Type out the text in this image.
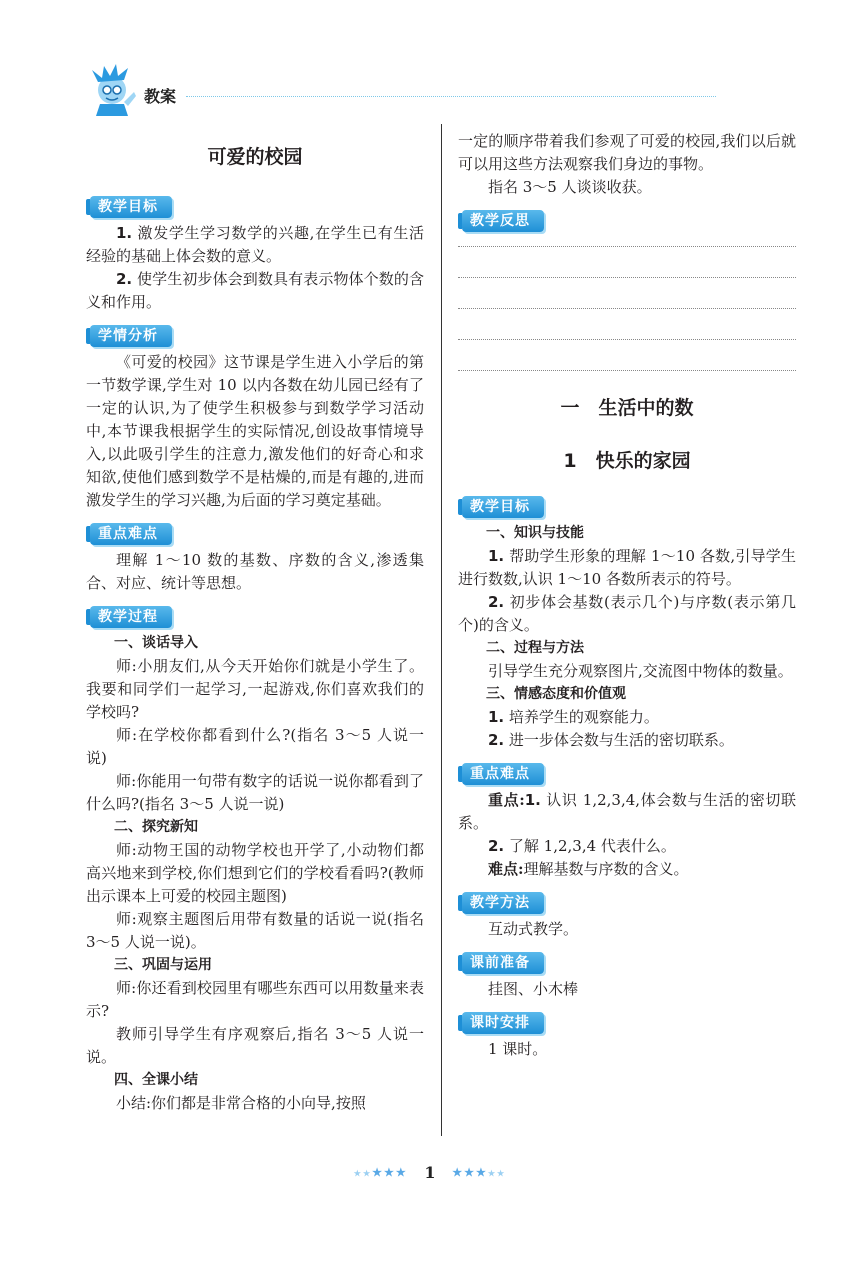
教案
可爱的校园
教学目标

1. 激发学生学习数学的兴趣,在学生已有生活经验的基础上体会数的意义。

2. 使学生初步体会到数具有表示物体个数的含义和作用。

学情分析

《可爱的校园》这节课是学生进入小学后的第一节数学课,学生对 10 以内各数在幼儿园已经有了一定的认识,为了使学生积极参与到数学学习活动中,本节课我根据学生的实际情况,创设故事情境导入,以此吸引学生的注意力,激发他们的好奇心和求知欲,使他们感到数学不是枯燥的,而是有趣的,进而激发学生的学习兴趣,为后面的学习奠定基础。

重点难点

理解 1～10 数的基数、序数的含义,渗透集合、对应、统计等思想。

教学过程

一、谈话导入

师:小朋友们,从今天开始你们就是小学生了。我要和同学们一起学习,一起游戏,你们喜欢我们的学校吗?

师:在学校你都看到什么?(指名 3～5 人说一说)

师:你能用一句带有数字的话说一说你都看到了什么吗?(指名 3～5 人说一说)

二、探究新知

师:动物王国的动物学校也开学了,小动物们都高兴地来到学校,你们想到它们的学校看看吗?(教师出示课本上可爱的校园主题图)

师:观察主题图后用带有数量的话说一说(指名 3～5 人说一说)。

三、巩固与运用

师:你还看到校园里有哪些东西可以用数量来表示?

教师引导学生有序观察后,指名 3～5 人说一说。

四、全课小结

小结:你们都是非常合格的小向导,按照

一定的顺序带着我们参观了可爱的校园,我们以后就可以用这些方法观察我们身边的事物。

指名 3～5 人谈谈收获。

教学反思
一　生活中的数
1　快乐的家园
教学目标

一、知识与技能

1. 帮助学生形象的理解 1～10 各数,引导学生进行数数,认识 1～10 各数所表示的符号。

2. 初步体会基数(表示几个)与序数(表示第几个)的含义。

二、过程与方法

引导学生充分观察图片,交流图中物体的数量。

三、情感态度和价值观

1. 培养学生的观察能力。

2. 进一步体会数与生活的密切联系。

重点难点

重点:1. 认识 1,2,3,4,体会数与生活的密切联系。

2. 了解 1,2,3,4 代表什么。

难点:理解基数与序数的含义。

教学方法

互动式教学。

课前准备

挂图、小木棒

课时安排

1 课时。

★★★★★ 1 ★★★★★
